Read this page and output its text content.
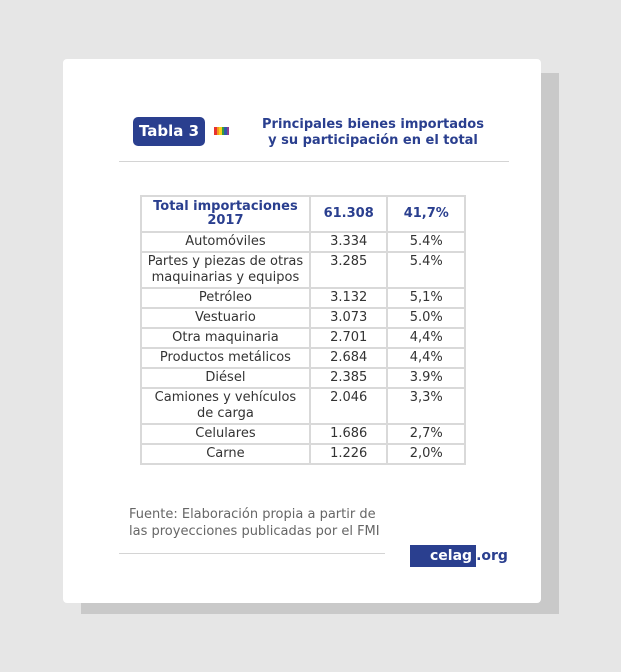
Tabla 3	Principales bienes importados
y su participación en el total
Total importaciones 2017	61.308	41,7%
Automóviles	3.334	5.4%
Partes y piezas de otras maquinarias y equipos	3.285	5.4%
Petróleo	3.132	5,1%
Vestuario	3.073	5.0%
Otra maquinaria	2.701	4,4%
Productos metálicos	2.684	4,4%
Diésel	2.385	3.9%
Camiones y vehículos de carga	2.046	3,3%
Celulares	1.686	2,7%
Carne	1.226	2,0%
Fuente: Elaboración propia a partir de
las proyecciones publicadas por el FMI
celag .org
